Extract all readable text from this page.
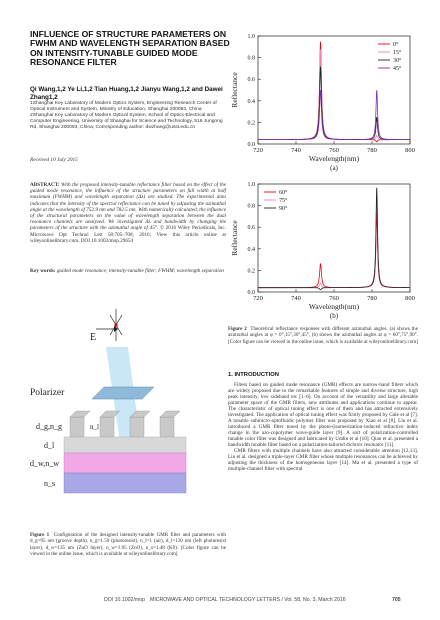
INFLUENCE OF STRUCTURE PARAMETERS ON FWHM AND WAVELENGTH SEPARATION BASED ON INTENSITY-TUNABLE GUIDED MODE RESONANCE FILTER
Qi Wang,1,2 Ye Li,1,2 Tian Huang,1,2 Jianyu Wang,1,2 and Dawei Zhang1,2
1Shanghai Key Laboratory of Modern Optics System, Engineering Research Center of Optical Instrument and System, Ministry of Education, Shanghai 200093, China
2Shanghai Key Laboratory of Modern Optical System, School of Optics-Electrical and Computer Engineering, University of Shanghai for Science and Technology, 516 Jungong Rd, Shanghai 200093, China; Corresponding author: dwzhang@usst.edu.cn
Received 10 July 2015
ABSTRACT: With the proposed intensity-tunable reflectance filter based on the effect of the guided mode resonance, the influence of the structure parameters on full width at half maximum (FWHM) and wavelength separation (Δλ) are studied. The experimental data indicates that the intensity of the spectral reflectance can be tuned by adjusting the azimuthal angle at the wavelength of 752.9 nm and 782.5 nm. With numerically calculated, the influence of the structural parameters on the value of wavelength separation between the dual resonance channels are analyzed. We investigated Δλ and bandwidth by changing the parameters of the structure with the azimuthal angle of 45°. © 2016 Wiley Periodicals, Inc. Microwave Opt Technol Lett 58:705–708, 2016; View this article online at wileyonlinelibrary.com. DOI 10.1002/mop.29654
Key words: guided mode resonance; intensity-tunable filter; FWHM; wavelength separation
E
Polarizer
d_g,n_g	n_l
d_l
d_w,n_w
n_s
Figure 1 Configuration of the designed intensity-tunable GMR filter and parameters with d_g=95 nm (groove depth), n_g=1.59 (photoresist), n_l=1 (air), d_l=130 nm (left photoresist layer), d_w=135 nm (ZnO layer), n_w=1.95 (ZnO), n_s=1.48 (K9). [Color figure can be viewed in the online issue, which is available at wileyonlinelibrary.com]
720	740	760	780	800
0.0
0.2
0.4
0.6
0.8
1.0
Wavelength(nm)
Reflectance
(a)
0°
15°
30°
45°
720	740	760	780	800
0.0
0.2
0.4
0.6
0.8
1.0
Wavelength(nm)
Reflectance
(b)
60°
75°
90°
Figure 2 Theoretical reflectance responses with different azimuthal angles. (a) shows the azimuthal angles at φ = 0°,15°,30°,45°, (b) shows the azimuthal angles at φ = 60°,75°,90°. [Color figure can be viewed in the online issue, which is available at wileyonlinelibrary.com]
1. INTRODUCTION

Filters based on guided mode resonance (GMR) effects are narrow-band filters which are widely proposed due to the remarkable features of simple and diverse structure, high peak intensity, low sideband etc [1–6]. On account of the versatility and large alterable parameter space of the GMR filters, new attributes and applications continue to appear. The characteristic of optical tuning effect is one of them and has attracted extensively investigated. The application of optical tuning effect was firstly proposed by Gale et al [7]. A tunable submicro-optofluidic polymer filter was proposed by Xiao et al [8]. Liu et al. introduced a GMR filter tuned by the photo-(isomerization-induced refractive index change in the azo-copolymer wave-guide layer [9]. A sort of polarization-controlled tunable color filter was designed and fabricated by Uddin et al [10]. Qian et al. presented a bandwidth tunable filter based on a polarization-tailored dichroic resonator [11].

GMR filters with multiple channels have also attracted considerable attention [12,13]. Liu et al. designed a triple-layer GMR filter whose multiple resonances can be achieved by adjusting the thickness of the homogeneous layer [14]. Ma et al. presented a type of multiple-channel filter with spectral

DOI 10.1002/mop MICROWAVE AND OPTICAL TECHNOLOGY LETTERS / Vol. 58, No. 3, March 2016	705
